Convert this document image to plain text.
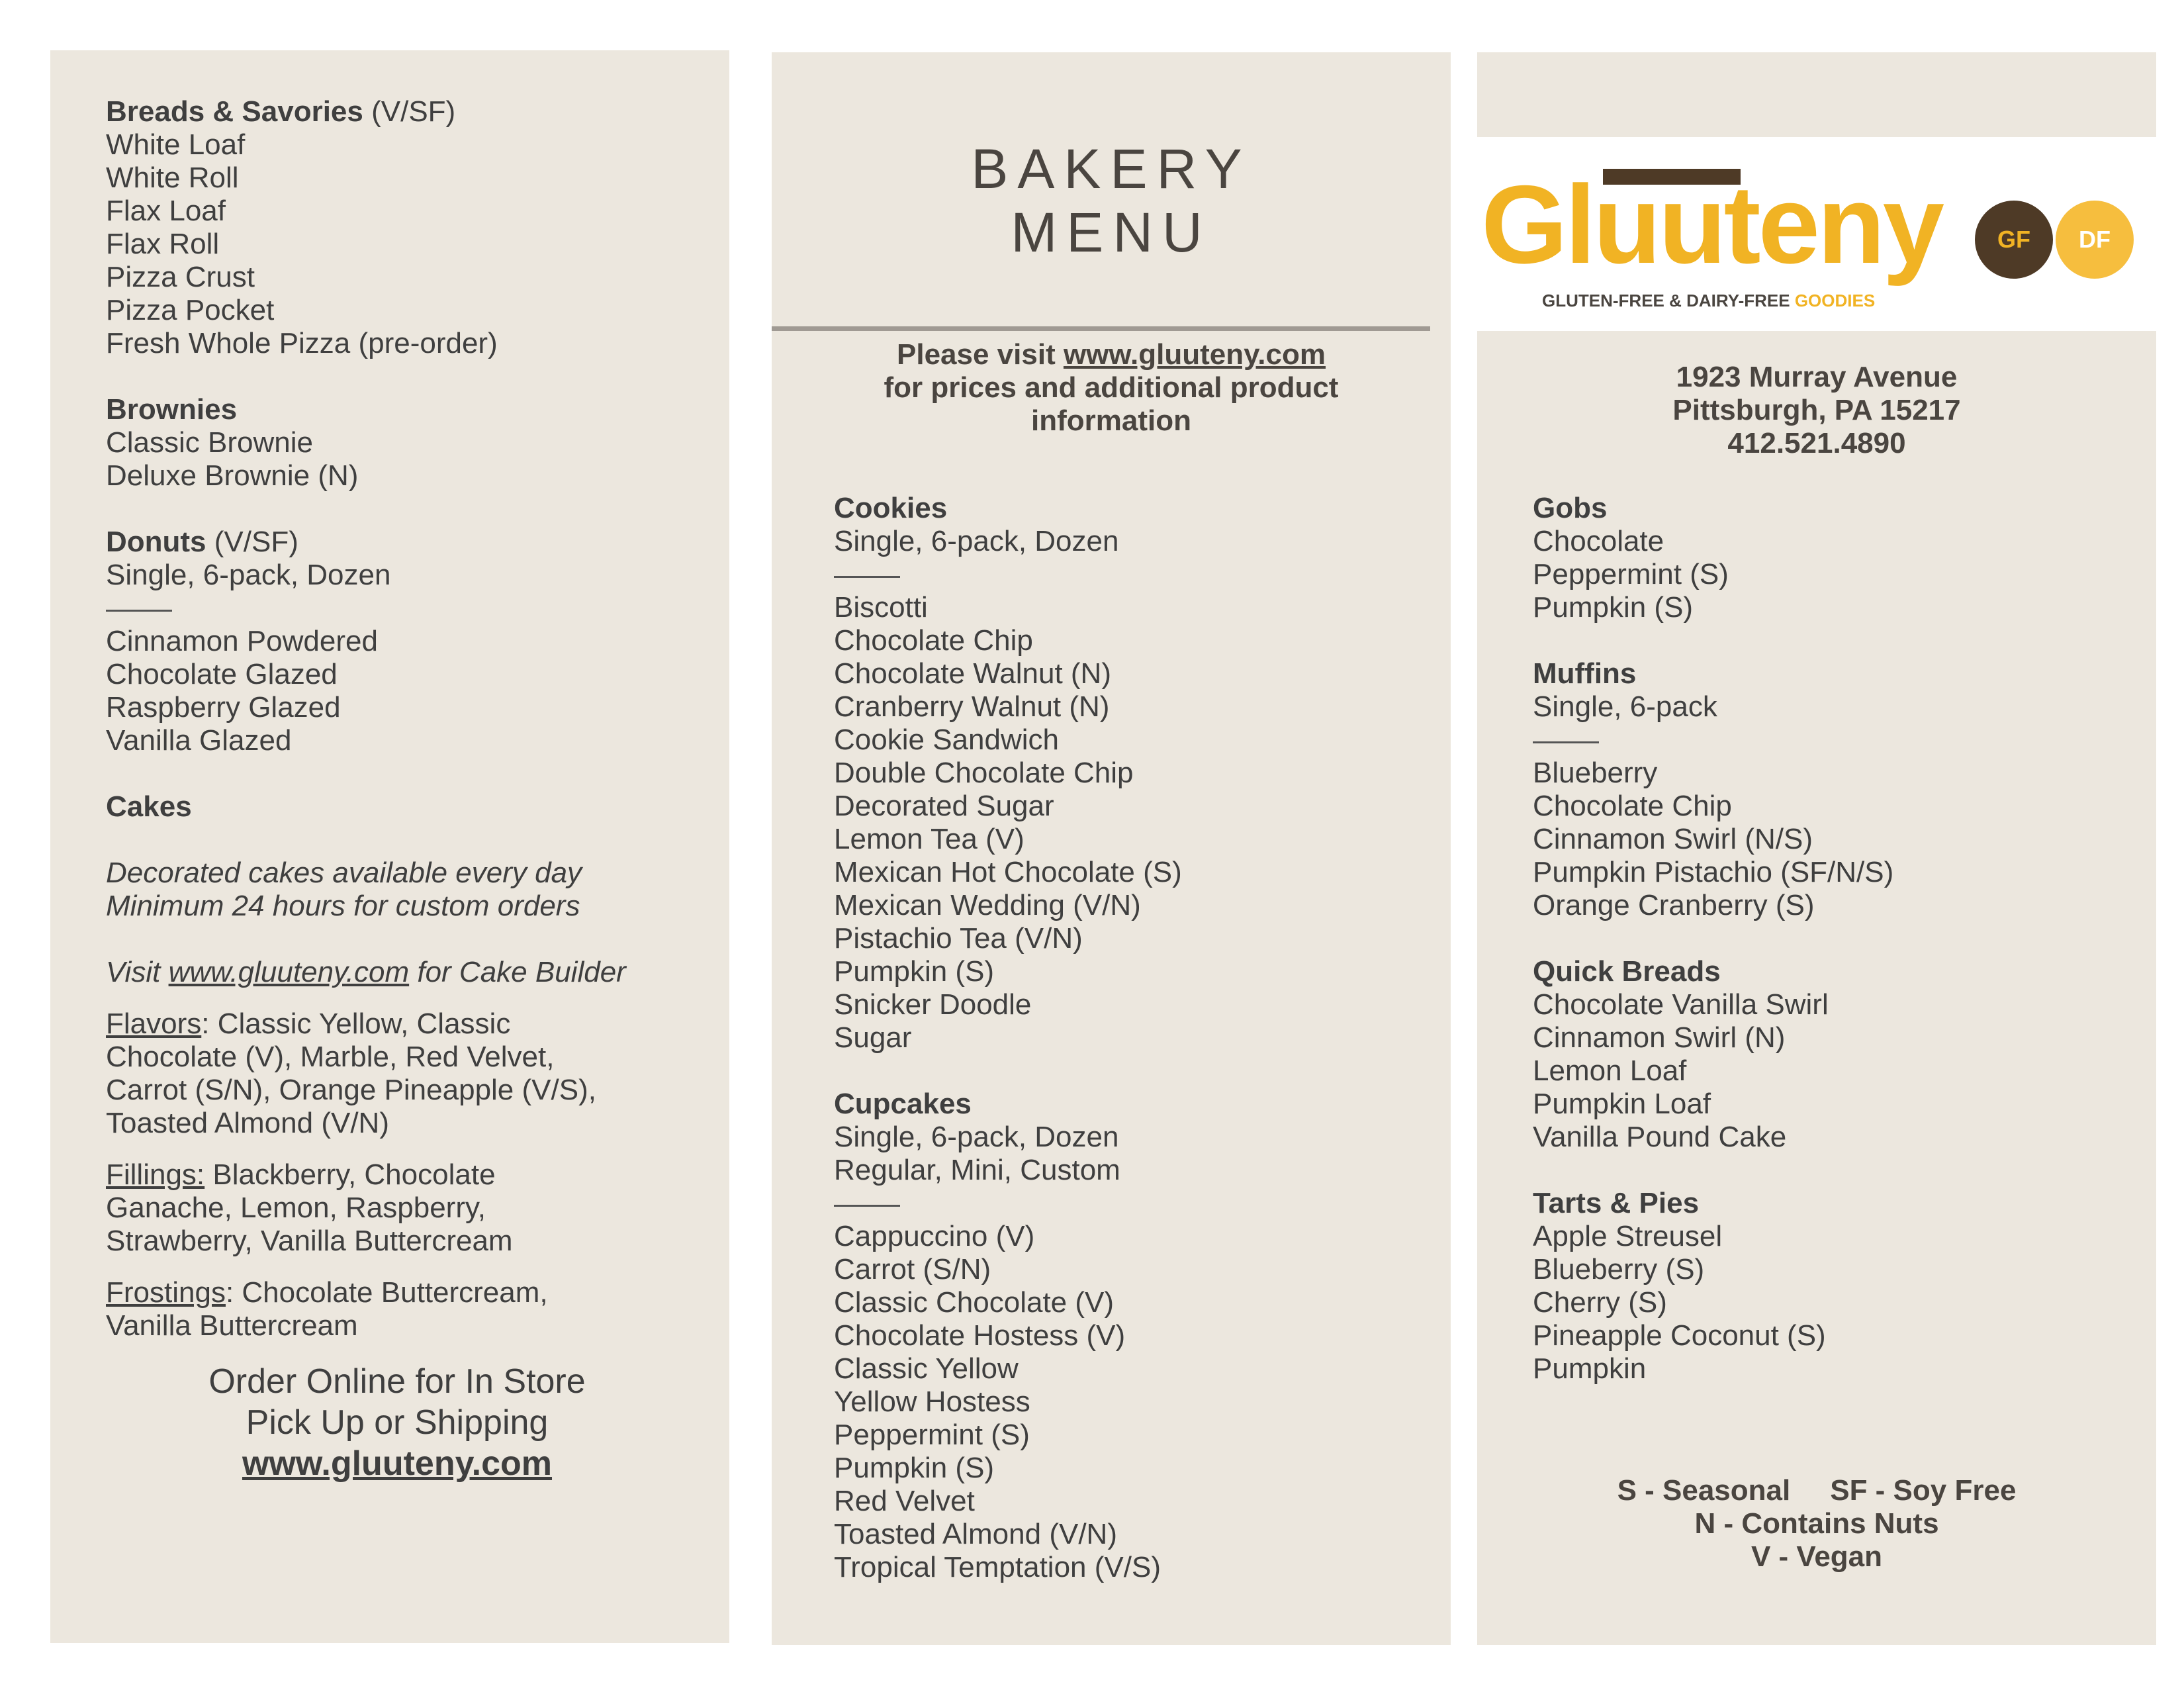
Breads & Savories (V/SF)
White Loaf
White Roll
Flax Loaf
Flax Roll
Pizza Crust
Pizza Pocket
Fresh Whole Pizza (pre-order)
Brownies
Classic Brownie
Deluxe Brownie (N)
Donuts (V/SF)
Single, 6-pack, Dozen
Cinnamon Powdered
Chocolate Glazed
Raspberry Glazed
Vanilla Glazed
Cakes
Decorated cakes available every day
Minimum 24 hours for custom orders
Visit www.gluuteny.com for Cake Builder

Flavors: Classic Yellow, Classic Chocolate (V), Marble, Red Velvet, Carrot (S/N), Orange Pineapple (V/S), Toasted Almond (V/N)

Fillings: Blackberry, Chocolate Ganache, Lemon, Raspberry, Strawberry, Vanilla Buttercream

Frostings: Chocolate Buttercream, Vanilla Buttercream

Order Online for In Store
Pick Up or Shipping
www.gluuteny.com
BAKERY
MENU
Please visit www.gluuteny.com
for prices and additional product
information
Cookies
Single, 6-pack, Dozen
Biscotti
Chocolate Chip
Chocolate Walnut (N)
Cranberry Walnut (N)
Cookie Sandwich
Double Chocolate Chip
Decorated Sugar
Lemon Tea (V)
Mexican Hot Chocolate (S)
Mexican Wedding (V/N)
Pistachio Tea (V/N)
Pumpkin (S)
Snicker Doodle
Sugar
Cupcakes
Single, 6-pack, Dozen
Regular, Mini, Custom
Cappuccino (V)
Carrot (S/N)
Classic Chocolate (V)
Chocolate Hostess (V)
Classic Yellow
Yellow Hostess
Peppermint (S)
Pumpkin (S)
Red Velvet
Toasted Almond (V/N)
Tropical Temptation (V/S)
Gluuteny	GF	DF
GLUTEN-FREE & DAIRY-FREE GOODIES
1923 Murray Avenue
Pittsburgh, PA 15217
412.521.4890
Gobs
Chocolate
Peppermint (S)
Pumpkin (S)
Muffins
Single, 6-pack
Blueberry
Chocolate Chip
Cinnamon Swirl (N/S)
Pumpkin Pistachio (SF/N/S)
Orange Cranberry (S)
Quick Breads
Chocolate Vanilla Swirl
Cinnamon Swirl (N)
Lemon Loaf
Pumpkin Loaf
Vanilla Pound Cake
Tarts & Pies
Apple Streusel
Blueberry (S)
Cherry (S)
Pineapple Coconut (S)
Pumpkin
S - Seasonal SF - Soy Free
N - Contains Nuts
V - Vegan
